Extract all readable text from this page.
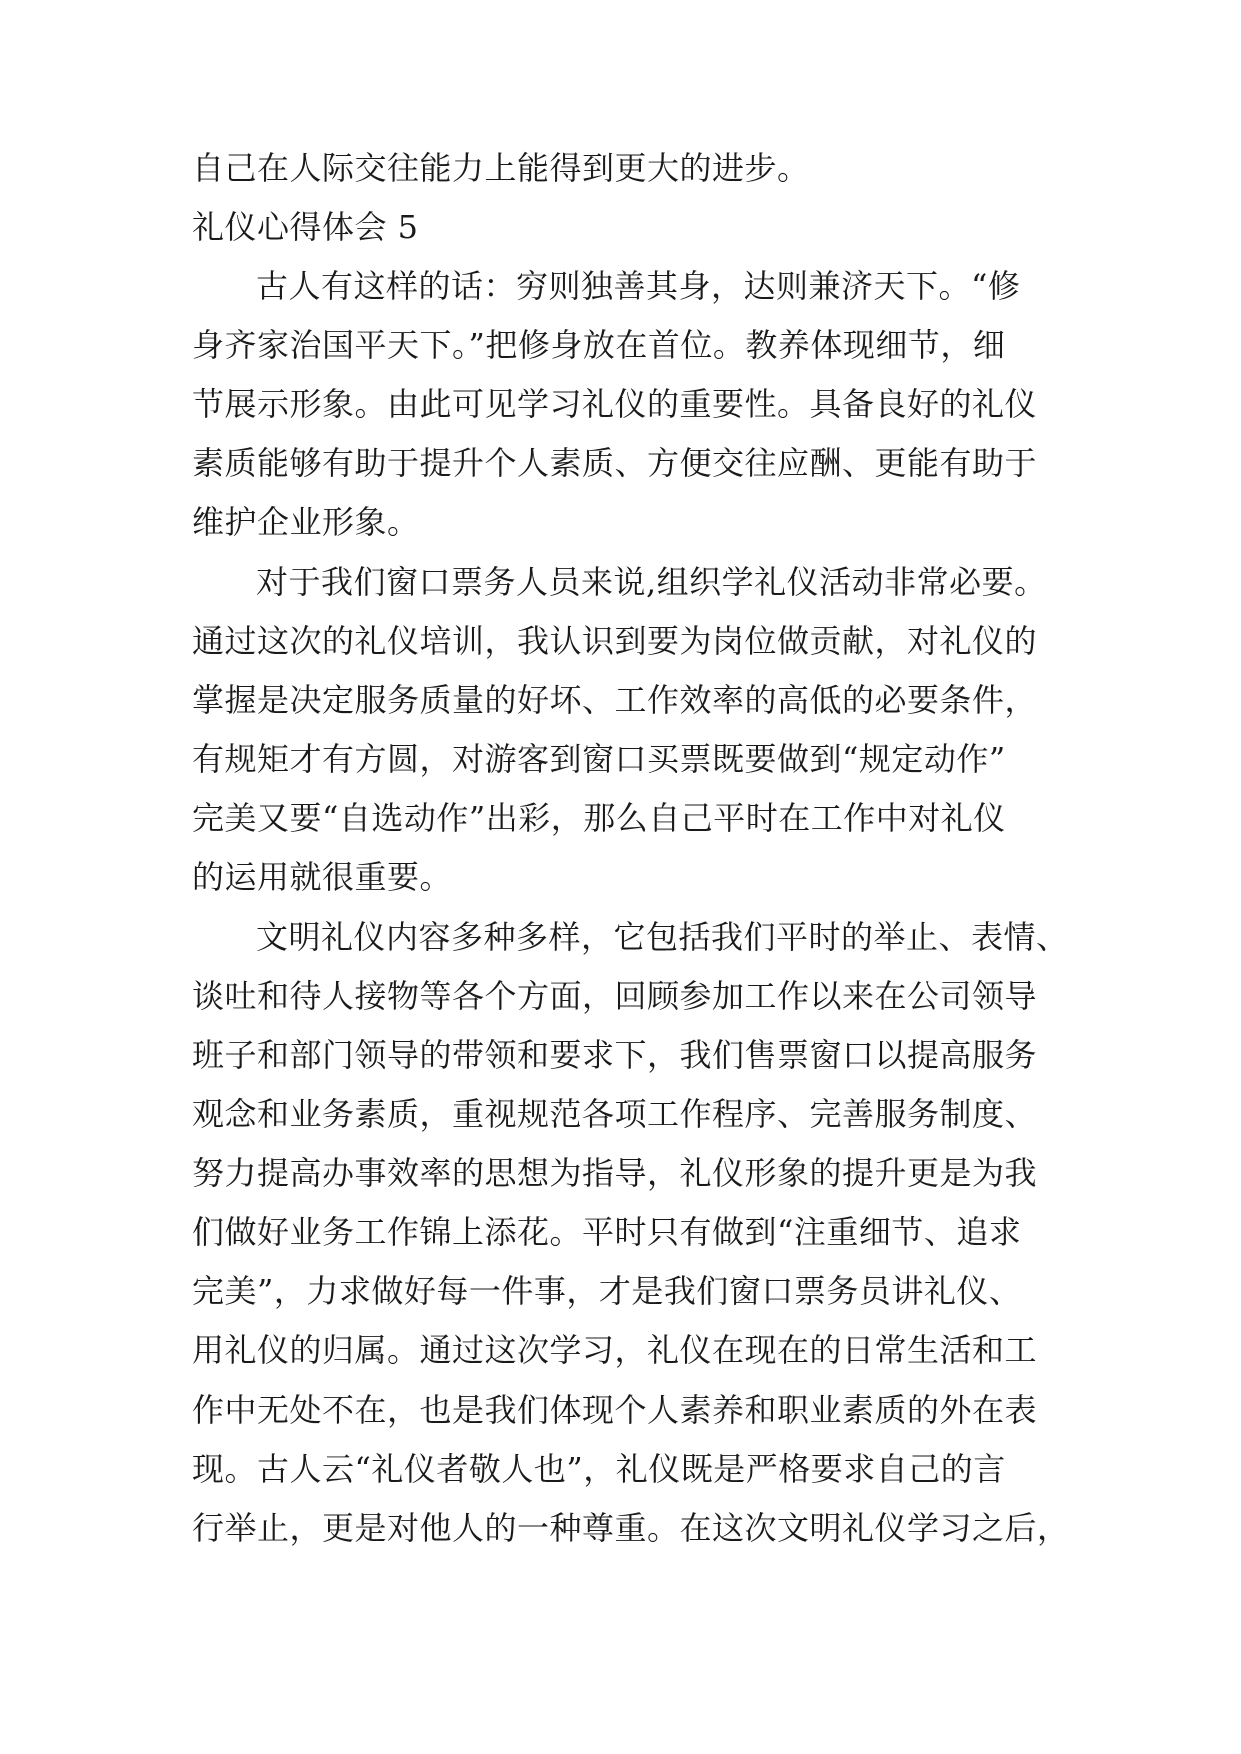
自己在人际交往能力上能得到更大的进步。
礼仪心得体会 5
古人有这样的话：穷则独善其身，达则兼济天下。“修
身齐家治国平天下。”把修身放在首位。教养体现细节，细
节展示形象。由此可见学习礼仪的重要性。具备良好的礼仪
素质能够有助于提升个人素质、方便交往应酬、更能有助于
维护企业形象。
对于我们窗口票务人员来说,组织学礼仪活动非常必要。
通过这次的礼仪培训，我认识到要为岗位做贡献，对礼仪的
掌握是决定服务质量的好坏、工作效率的高低的必要条件，
有规矩才有方圆，对游客到窗口买票既要做到“规定动作”
完美又要“自选动作”出彩，那么自己平时在工作中对礼仪
的运用就很重要。
文明礼仪内容多种多样，它包括我们平时的举止、表情、
谈吐和待人接物等各个方面，回顾参加工作以来在公司领导
班子和部门领导的带领和要求下，我们售票窗口以提高服务
观念和业务素质，重视规范各项工作程序、完善服务制度、
努力提高办事效率的思想为指导，礼仪形象的提升更是为我
们做好业务工作锦上添花。平时只有做到“注重细节、追求
完美”，力求做好每一件事，才是我们窗口票务员讲礼仪、
用礼仪的归属。通过这次学习，礼仪在现在的日常生活和工
作中无处不在，也是我们体现个人素养和职业素质的外在表
现。古人云“礼仪者敬人也”，礼仪既是严格要求自己的言
行举止，更是对他人的一种尊重。在这次文明礼仪学习之后，
